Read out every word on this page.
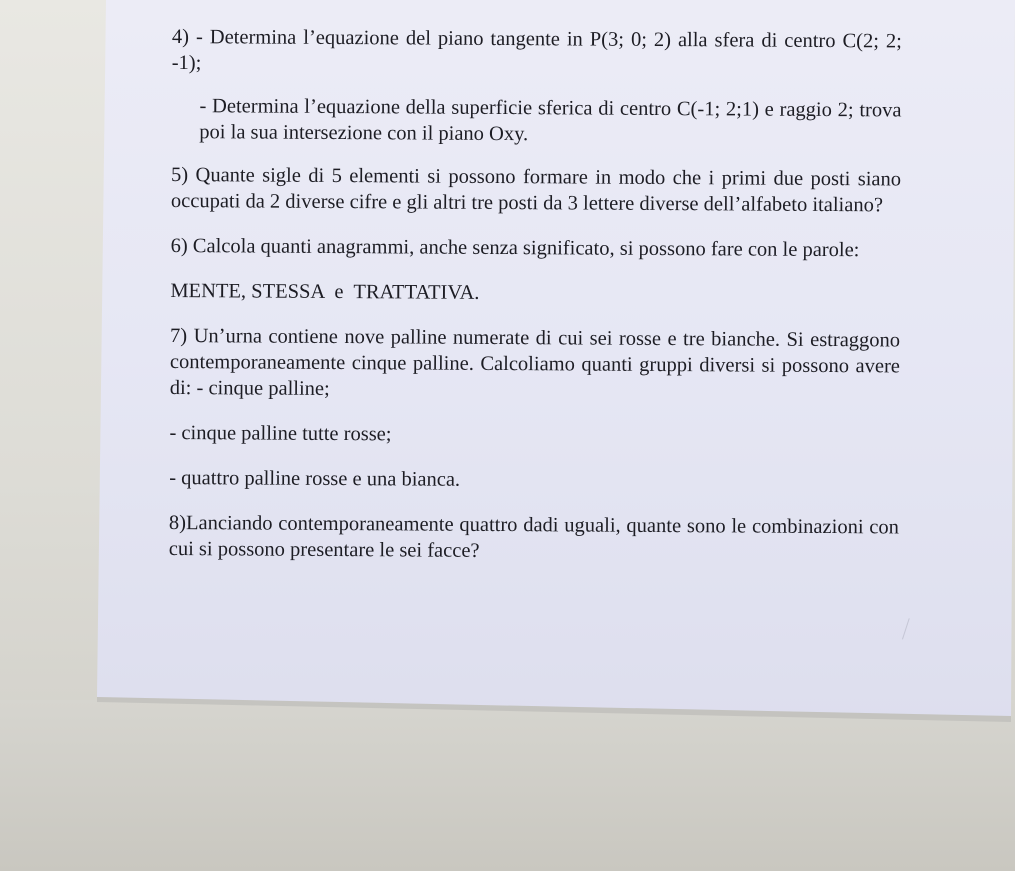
4) - Determina l’equazione del piano tangente in P(3; 0; 2) alla sfera di centro C(2; 2; -1);

- Determina l’equazione della superficie sferica di centro C(-1; 2;1) e raggio 2; trova poi la sua intersezione con il piano Oxy.

5) Quante sigle di 5 elementi si possono formare in modo che i primi due posti siano occupati da 2 diverse cifre e gli altri tre posti da 3 lettere diverse dell’alfabeto italiano?

6) Calcola quanti anagrammi, anche senza significato, si possono fare con le parole:

MENTE, STESSA  e  TRATTATIVA.

7) Un’urna contiene nove palline numerate di cui sei rosse e tre bianche. Si estraggono contemporaneamente cinque palline. Calcoliamo quanti gruppi diversi si possono avere di: - cinque palline;

- cinque palline tutte rosse;

- quattro palline rosse e una bianca.

8)Lanciando contemporaneamente quattro dadi uguali, quante sono le combinazioni con cui si possono presentare le sei facce?
